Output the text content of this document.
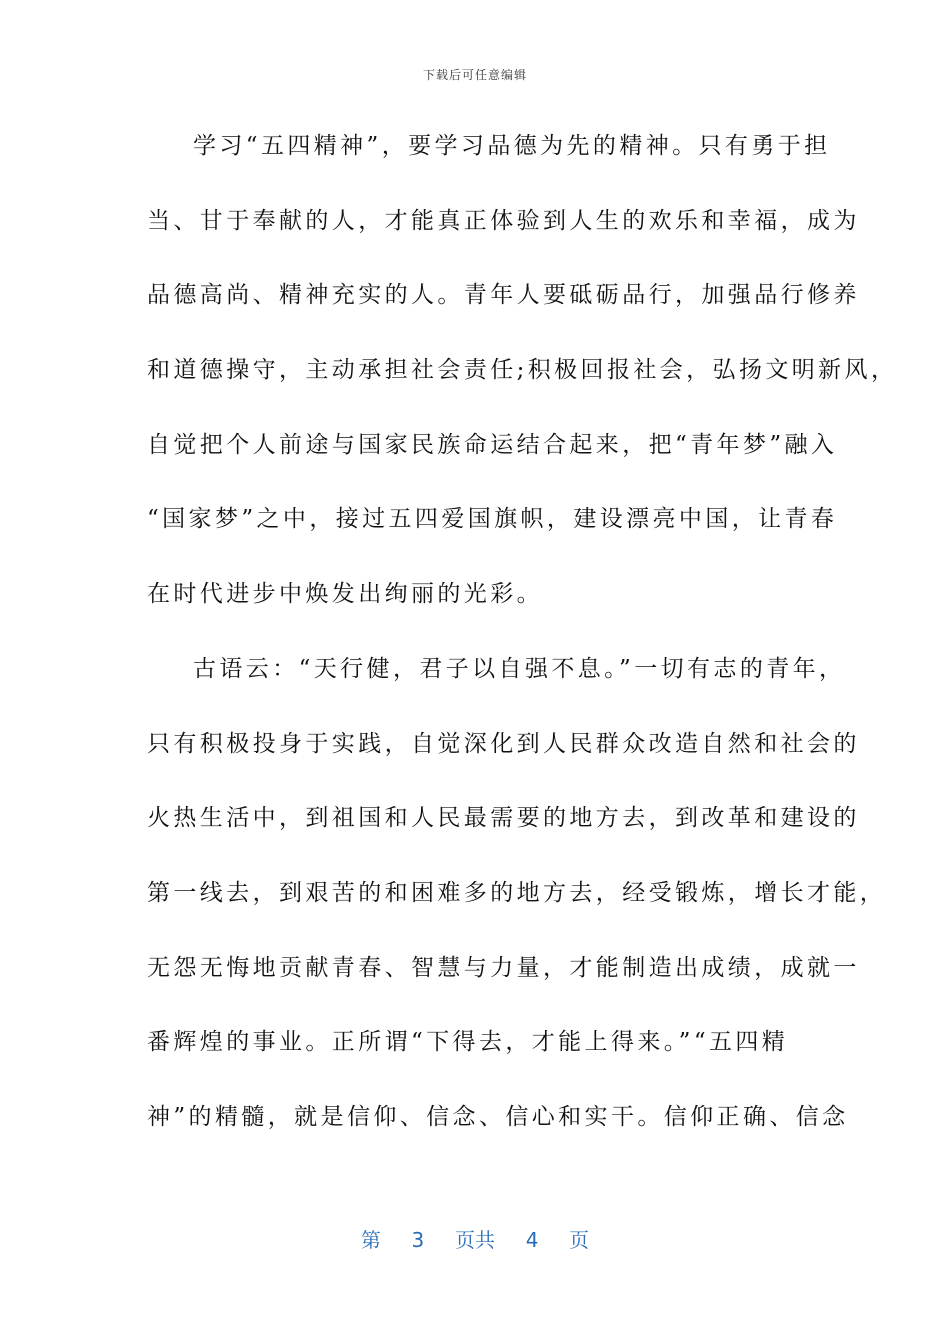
下载后可任意编辑
学习“五四精神”，要学习品德为先的精神。只有勇于担
当、甘于奉献的人，才能真正体验到人生的欢乐和幸福，成为
品德高尚、精神充实的人。青年人要砥砺品行，加强品行修养
和道德操守，主动承担社会责任;积极回报社会，弘扬文明新风，
自觉把个人前途与国家民族命运结合起来，把“青年梦”融入
“国家梦”之中，接过五四爱国旗帜，建设漂亮中国，让青春
在时代进步中焕发出绚丽的光彩。
古语云：“天行健，君子以自强不息。”一切有志的青年，
只有积极投身于实践，自觉深化到人民群众改造自然和社会的
火热生活中，到祖国和人民最需要的地方去，到改革和建设的
第一线去，到艰苦的和困难多的地方去，经受锻炼，增长才能，
无怨无悔地贡献青春、智慧与力量，才能制造出成绩，成就一
番辉煌的事业。正所谓“下得去，才能上得来。”“五四精
神”的精髓，就是信仰、信念、信心和实干。信仰正确、信念
第 3 页共 4 页
